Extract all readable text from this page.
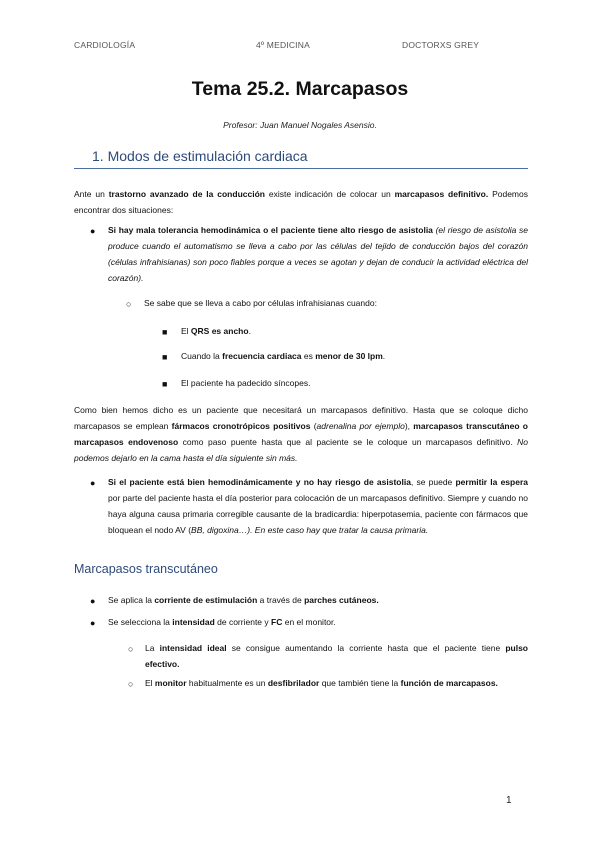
CARDIOLOGÍA	4º MEDICINA	DOCTORXS GREY
Tema 25.2. Marcapasos
Profesor: Juan Manuel Nogales Asensio.
1. Modos de estimulación cardiaca
Ante un trastorno avanzado de la conducción existe indicación de colocar un marcapasos definitivo. Podemos encontrar dos situaciones:
● Si hay mala tolerancia hemodinámica o el paciente tiene alto riesgo de asistolia (el riesgo de asistolia se produce cuando el automatismo se lleva a cabo por las células del tejido de conducción bajos del corazón (células infrahisianas) son poco fiables porque a veces se agotan y dejan de conducir la actividad eléctrica del corazón).
○ Se sabe que se lleva a cabo por células infrahisianas cuando:
■ El QRS es ancho.
■ Cuando la frecuencia cardiaca es menor de 30 lpm.
■ El paciente ha padecido síncopes.
Como bien hemos dicho es un paciente que necesitará un marcapasos definitivo. Hasta que se coloque dicho marcapasos se emplean fármacos cronotrópicos positivos (adrenalina por ejemplo), marcapasos transcutáneo o marcapasos endovenoso como paso puente hasta que al paciente se le coloque un marcapasos definitivo. No podemos dejarlo en la cama hasta el día siguiente sin más.
● Si el paciente está bien hemodinámicamente y no hay riesgo de asistolia, se puede permitir la espera por parte del paciente hasta el día posterior para colocación de un marcapasos definitivo. Siempre y cuando no haya alguna causa primaria corregible causante de la bradicardia: hiperpotasemia, paciente con fármacos que bloquean el nodo AV (BB, digoxina…). En este caso hay que tratar la causa primaria.
Marcapasos transcutáneo
● Se aplica la corriente de estimulación a través de parches cutáneos.
● Se selecciona la intensidad de corriente y FC en el monitor.
○ La intensidad ideal se consigue aumentando la corriente hasta que el paciente tiene pulso efectivo.
○ El monitor habitualmente es un desfibrilador que también tiene la función de marcapasos.
1
